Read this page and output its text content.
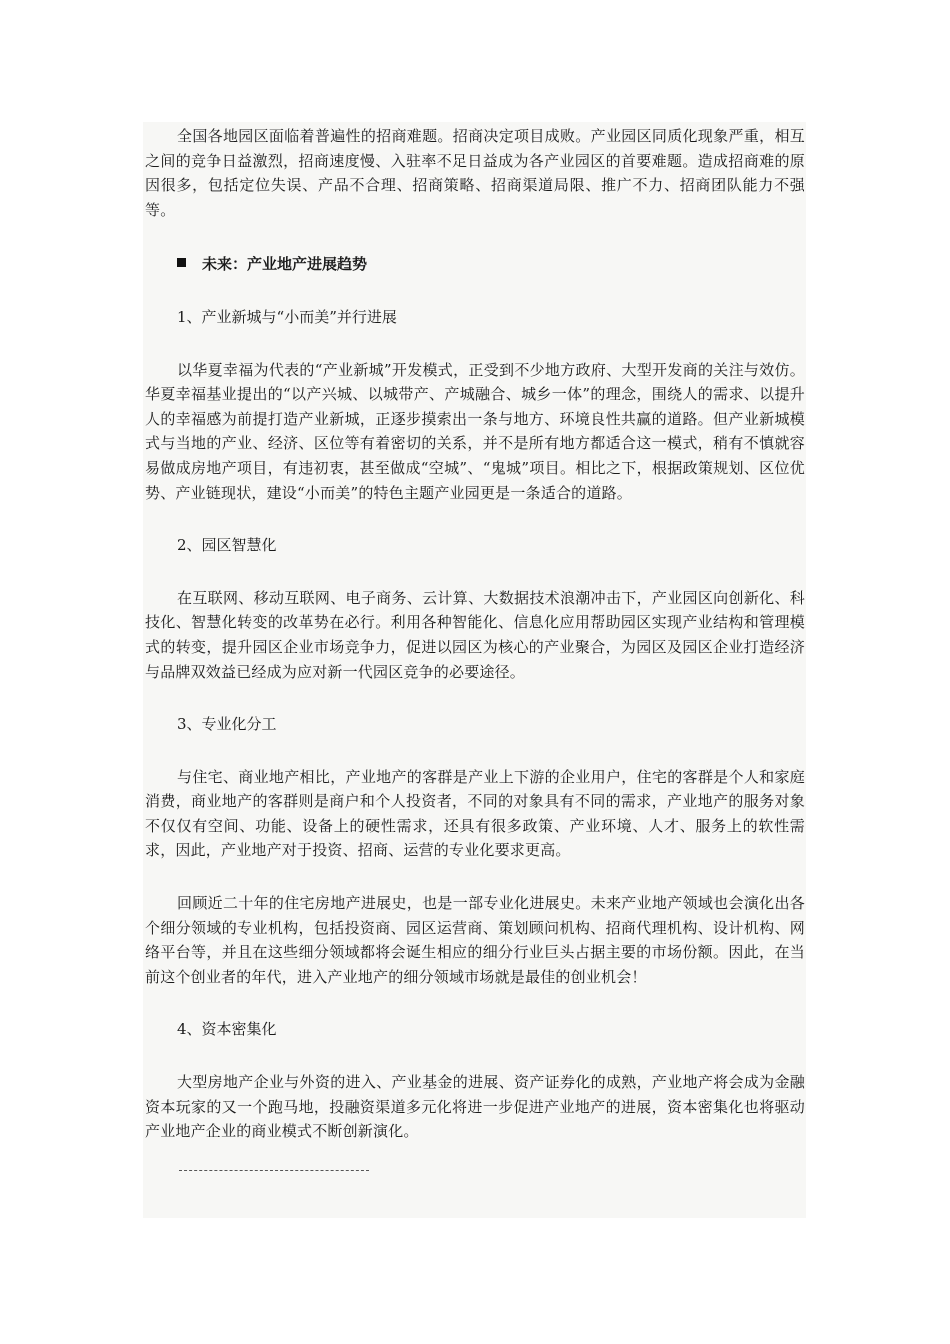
全国各地园区面临着普遍性的招商难题。招商决定项目成败。产业园区同质化现象严重，相互之间的竞争日益激烈，招商速度慢、入驻率不足日益成为各产业园区的首要难题。造成招商难的原因很多，包括定位失误、产品不合理、招商策略、招商渠道局限、推广不力、招商团队能力不强等。

未来：产业地产进展趋势

1、产业新城与“小而美”并行进展

以华夏幸福为代表的“产业新城”开发模式，正受到不少地方政府、大型开发商的关注与效仿。华夏幸福基业提出的“以产兴城、以城带产、产城融合、城乡一体”的理念，围绕人的需求、以提升人的幸福感为前提打造产业新城，正逐步摸索出一条与地方、环境良性共赢的道路。但产业新城模式与当地的产业、经济、区位等有着密切的关系，并不是所有地方都适合这一模式，稍有不慎就容易做成房地产项目，有违初衷，甚至做成“空城”、“鬼城”项目。相比之下，根据政策规划、区位优势、产业链现状，建设“小而美”的特色主题产业园更是一条适合的道路。

2、园区智慧化

在互联网、移动互联网、电子商务、云计算、大数据技术浪潮冲击下，产业园区向创新化、科技化、智慧化转变的改革势在必行。利用各种智能化、信息化应用帮助园区实现产业结构和管理模式的转变，提升园区企业市场竞争力，促进以园区为核心的产业聚合，为园区及园区企业打造经济与品牌双效益已经成为应对新一代园区竞争的必要途径。

3、专业化分工

与住宅、商业地产相比，产业地产的客群是产业上下游的企业用户，住宅的客群是个人和家庭消费，商业地产的客群则是商户和个人投资者，不同的对象具有不同的需求，产业地产的服务对象不仅仅有空间、功能、设备上的硬性需求，还具有很多政策、产业环境、人才、服务上的软性需求，因此，产业地产对于投资、招商、运营的专业化要求更高。

回顾近二十年的住宅房地产进展史，也是一部专业化进展史。未来产业地产领域也会演化出各个细分领域的专业机构，包括投资商、园区运营商、策划顾问机构、招商代理机构、设计机构、网络平台等，并且在这些细分领域都将会诞生相应的细分行业巨头占据主要的市场份额。因此，在当前这个创业者的年代，进入产业地产的细分领域市场就是最佳的创业机会！

4、资本密集化

大型房地产企业与外资的进入、产业基金的进展、资产证券化的成熟，产业地产将会成为金融资本玩家的又一个跑马地，投融资渠道多元化将进一步促进产业地产的进展，资本密集化也将驱动产业地产企业的商业模式不断创新演化。
